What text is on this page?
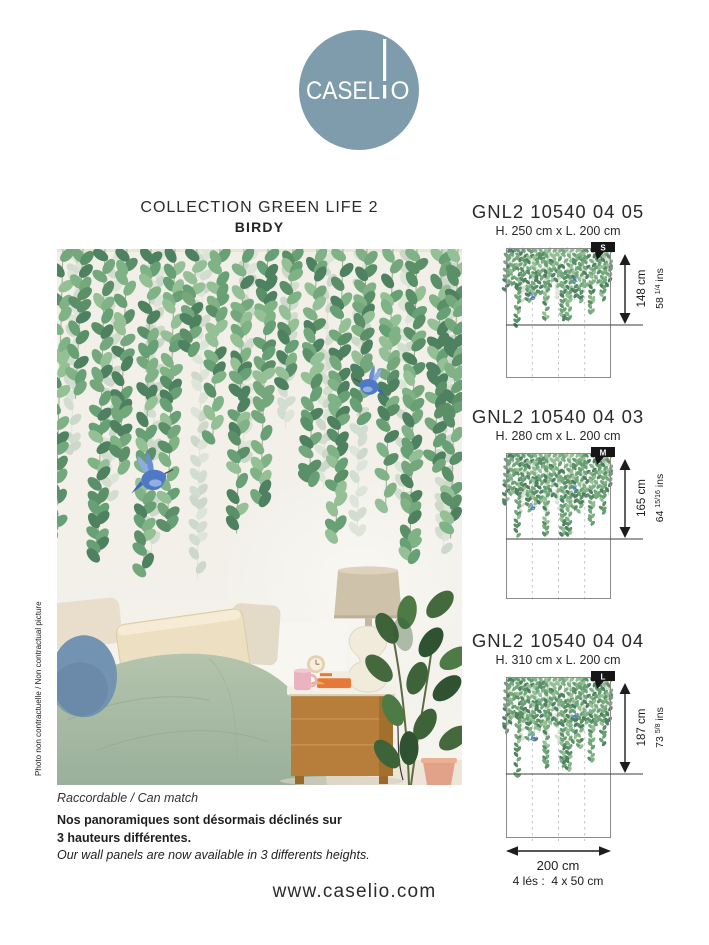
CASEL O
COLLECTION GREEN LIFE 2
BIRDY
Photo non contractuelle / Non contractual picture
Raccordable / Can match
Nos panoramiques sont désormais déclinés sur
3 hauteurs différentes.
Our wall panels are now available in 3 differents heights.
www.caselio.com
GNL2 10540 04 05
H. 250 cm x L. 200 cm
S
148 cm 58 $^{1/4}$ ins
GNL2 10540 04 03
H. 280 cm x L. 200 cm
M
165 cm 64 $^{15/16}$ ins
GNL2 10540 04 04
H. 310 cm x L. 200 cm
L
187 cm 73 $^{5/8}$ ins
200 cm
4 lés :  4 x 50 cm
